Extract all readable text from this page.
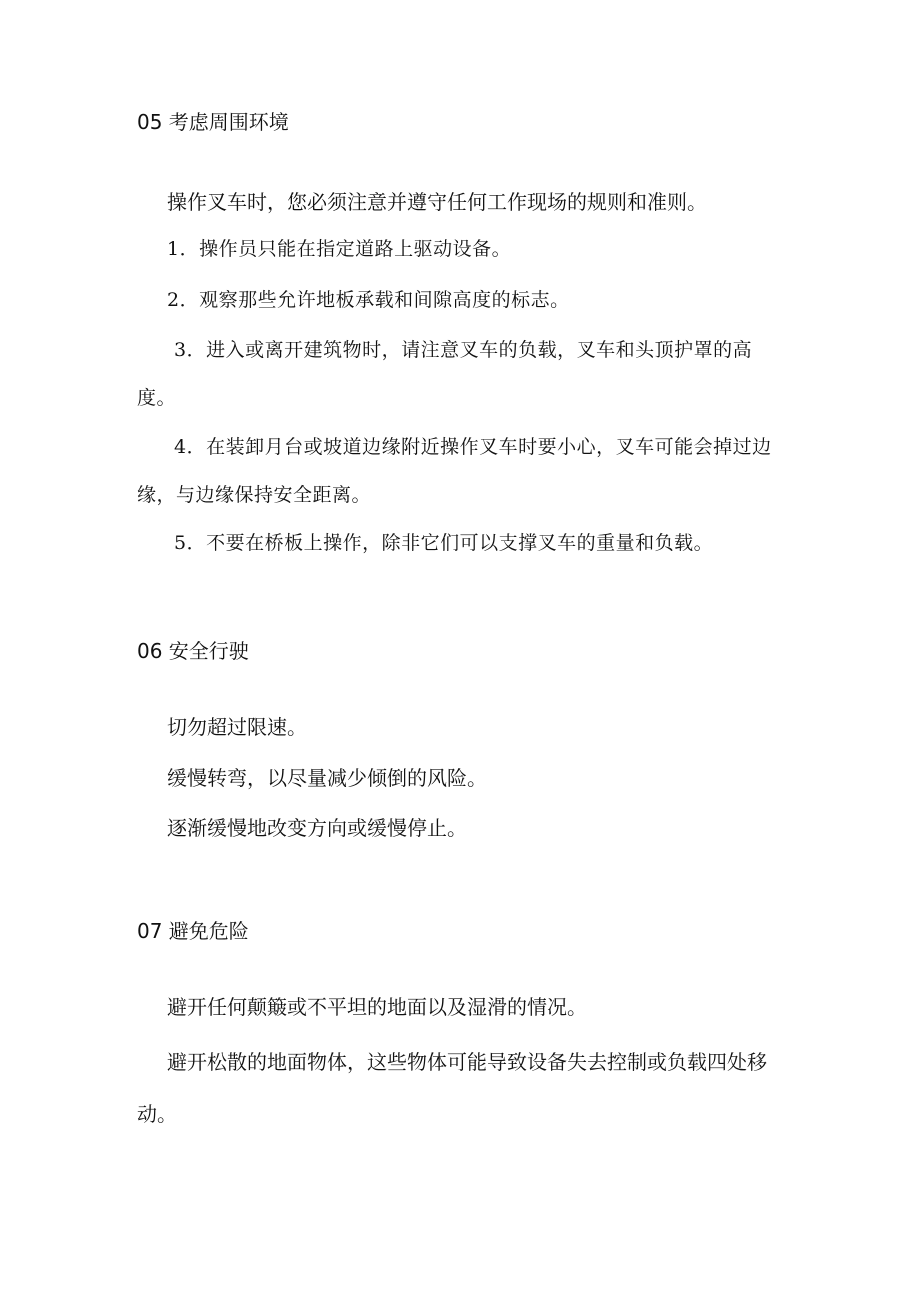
05 考虑周围环境
操作叉车时，您必须注意并遵守任何工作现场的规则和准则。
1．操作员只能在指定道路上驱动设备。
2．观察那些允许地板承载和间隙高度的标志。
3．进入或离开建筑物时，请注意叉车的负载，叉车和头顶护罩的高度。
4．在装卸月台或坡道边缘附近操作叉车时要小心，叉车可能会掉过边缘，与边缘保持安全距离。
5．不要在桥板上操作，除非它们可以支撑叉车的重量和负载。
06 安全行驶
切勿超过限速。
缓慢转弯，以尽量减少倾倒的风险。
逐渐缓慢地改变方向或缓慢停止。
07 避免危险
避开任何颠簸或不平坦的地面以及湿滑的情况。
避开松散的地面物体，这些物体可能导致设备失去控制或负载四处移动。
